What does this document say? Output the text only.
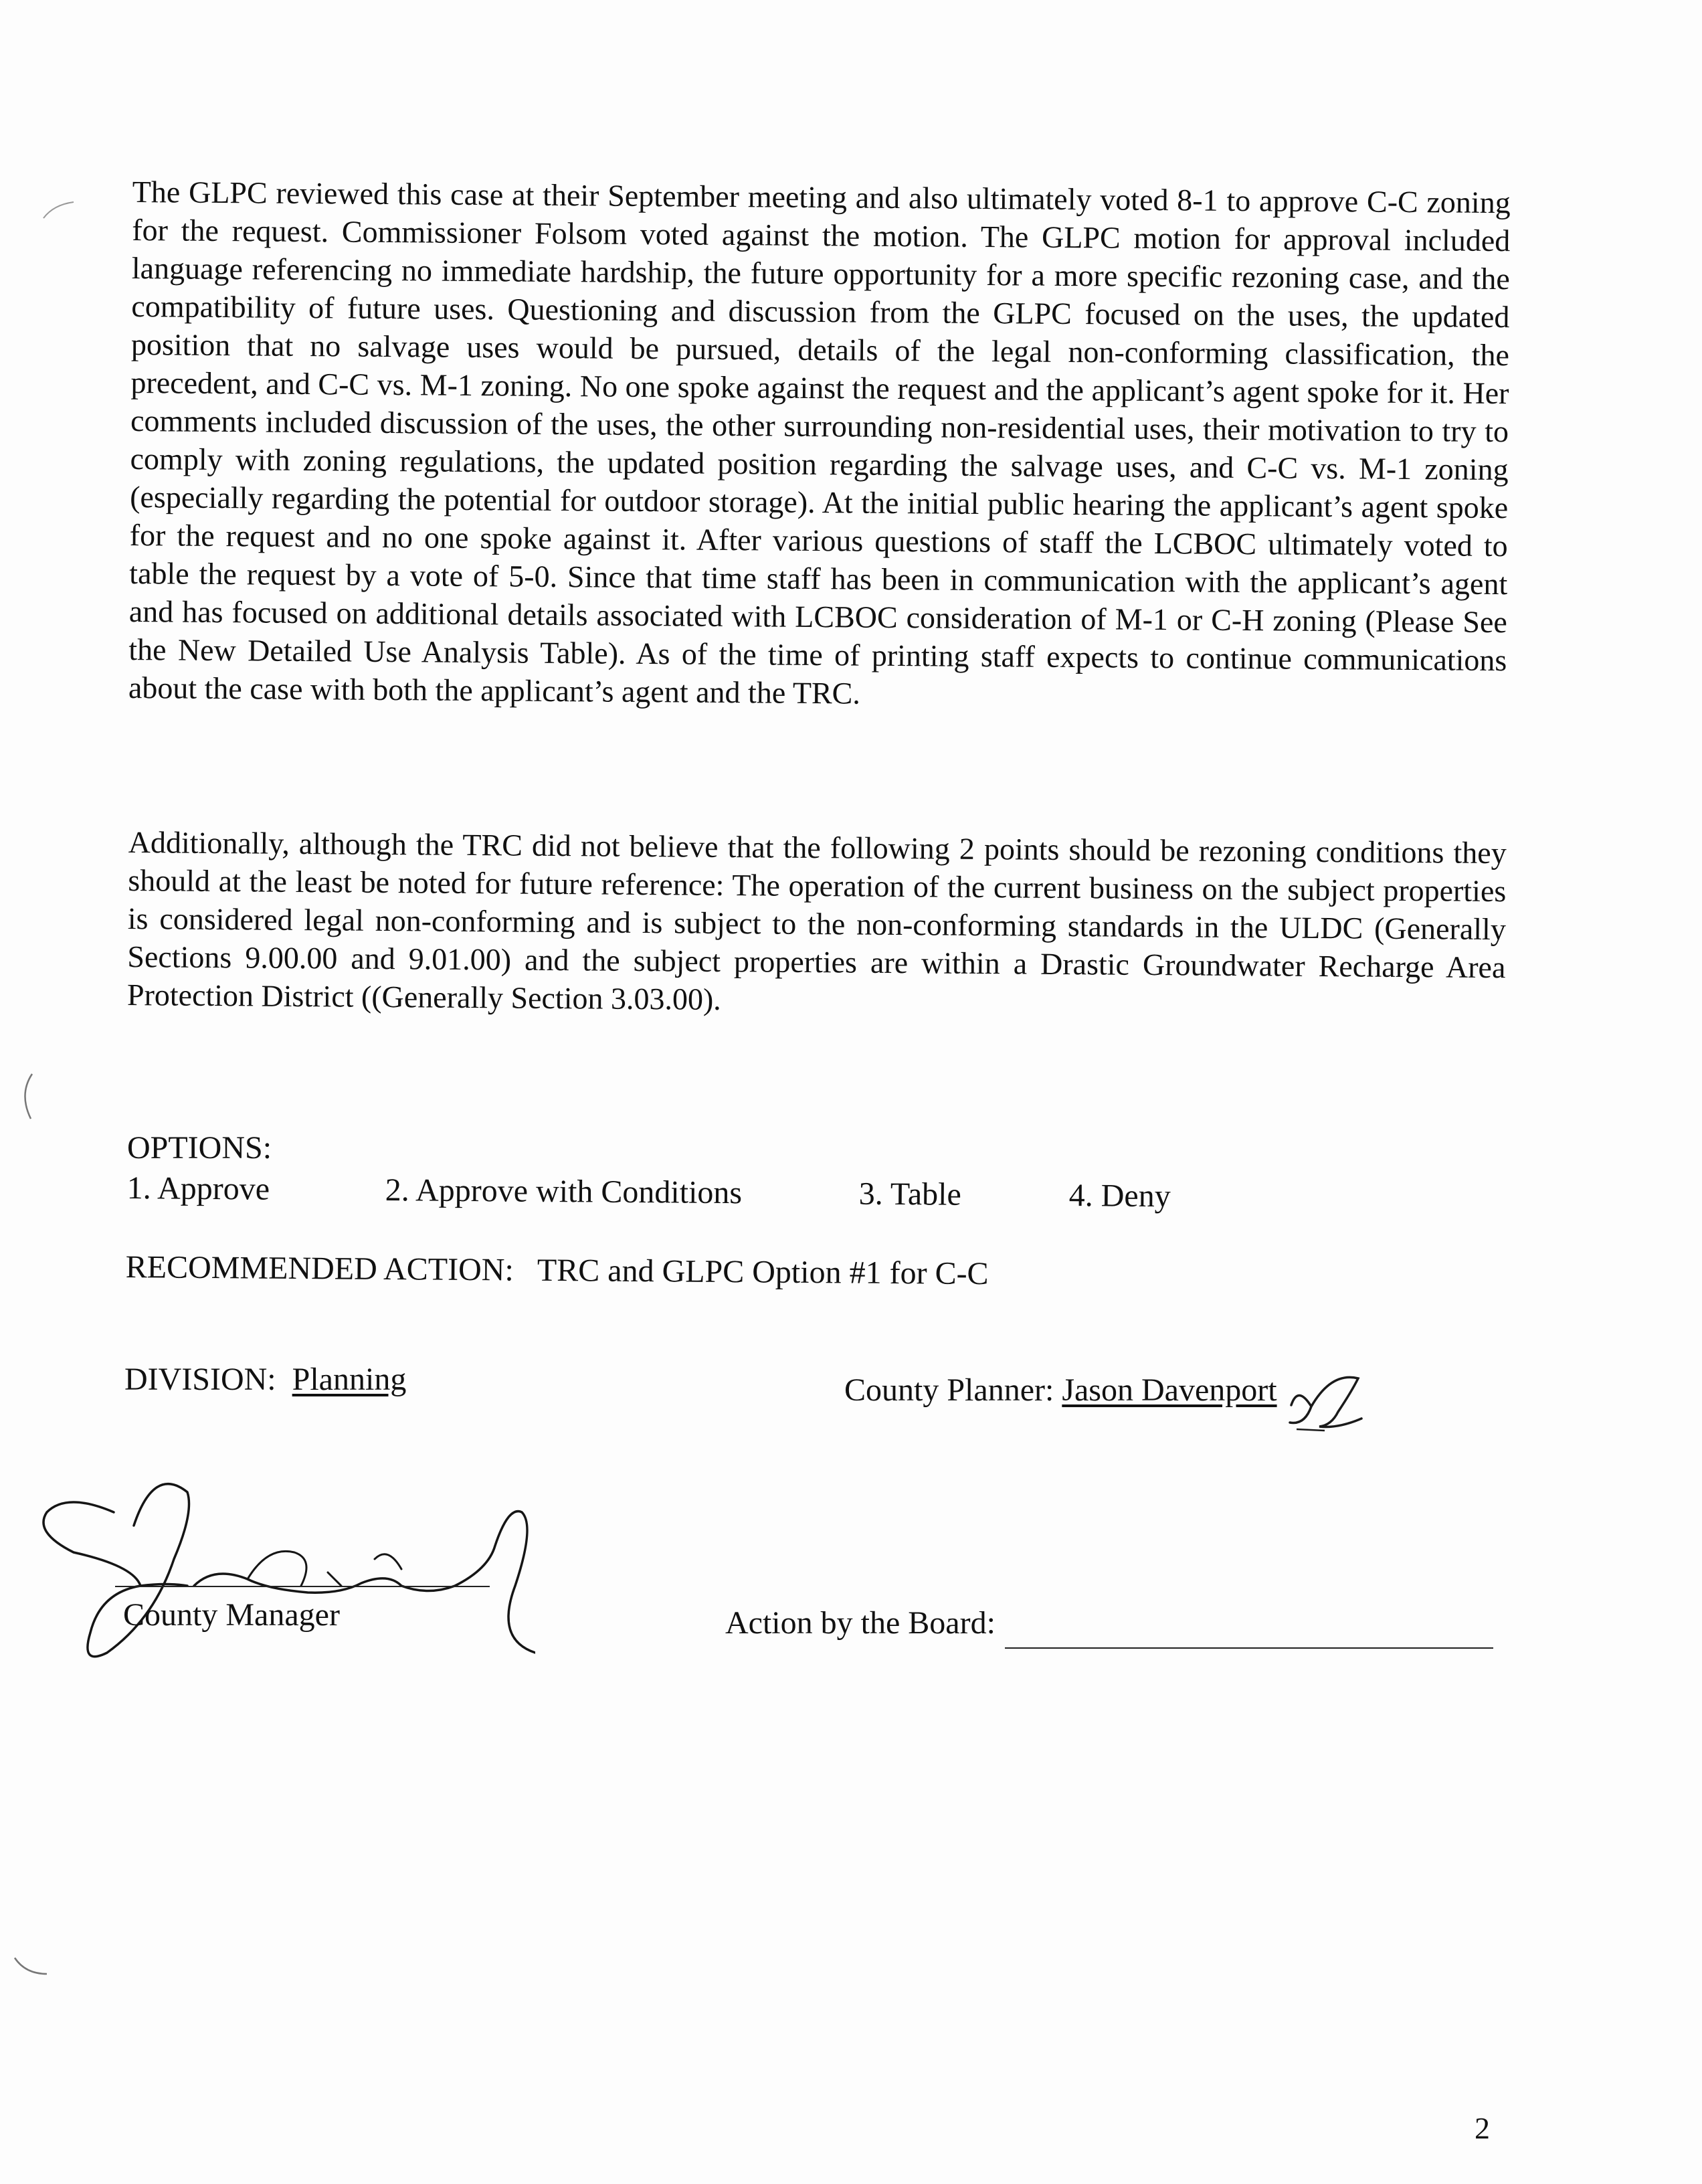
The GLPC reviewed this case at their September meeting and also ultimately voted 8-1 to approve C-C zoning for the request. Commissioner Folsom voted against the motion. The GLPC motion for approval included language referencing no immediate hardship, the future opportunity for a more specific rezoning case, and the compatibility of future uses. Questioning and discussion from the GLPC focused on the uses, the updated position that no salvage uses would be pursued, details of the legal non-conforming classification, the precedent, and C-C vs. M-1 zoning. No one spoke against the request and the applicant’s agent spoke for it. Her comments included discussion of the uses, the other surrounding non-residential uses, their motivation to try to comply with zoning regulations, the updated position regarding the salvage uses, and C-C vs. M-1 zoning (especially regarding the potential for outdoor storage). At the initial public hearing the applicant’s agent spoke for the request and no one spoke against it. After various questions of staff the LCBOC ultimately voted to table the request by a vote of 5-0. Since that time staff has been in communication with the applicant’s agent and has focused on additional details associated with LCBOC consideration of M-1 or C-H zoning (Please See the New Detailed Use Analysis Table). As of the time of printing staff expects to continue communications about the case with both the applicant’s agent and the TRC.
Additionally, although the TRC did not believe that the following 2 points should be rezoning conditions they should at the least be noted for future reference: The operation of the current business on the subject properties is considered legal non-conforming and is subject to the non-conforming standards in the ULDC (Generally Sections 9.00.00 and 9.01.00) and the subject properties are within a Drastic Groundwater Recharge Area Protection District ((Generally Section 3.03.00).
OPTIONS:
1. Approve	2. Approve with Conditions	3. Table	4. Deny
RECOMMENDED ACTION: TRC and GLPC Option #1 for C-C
DIVISION: Planning	County Planner: Jason Davenport
County Manager	Action by the Board:
2
